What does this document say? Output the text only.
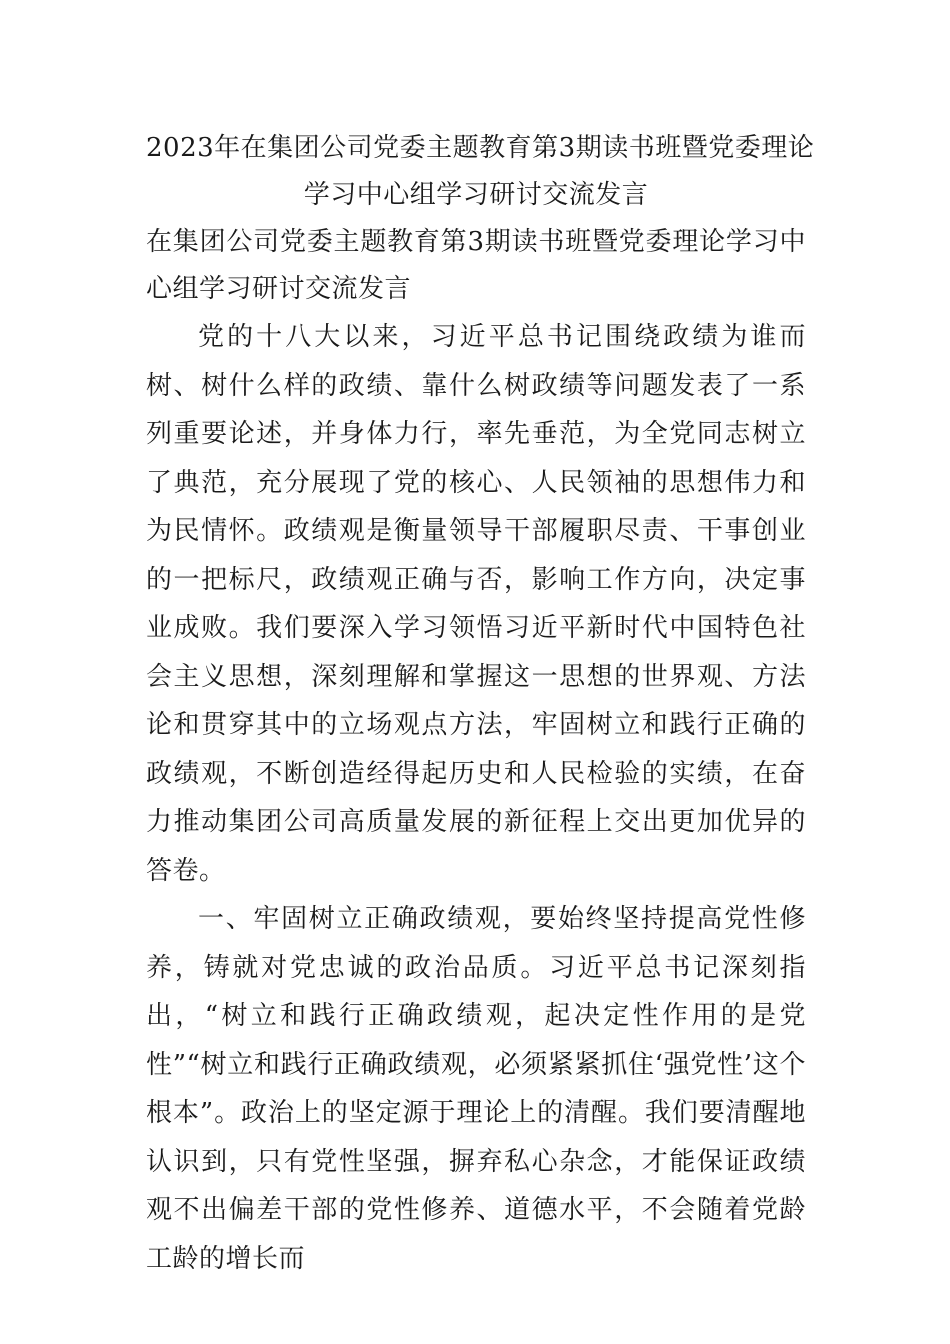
2023年在集团公司党委主题教育第3期读书班暨党委理论
学习中心组学习研讨交流发言

在集团公司党委主题教育第3期读书班暨党委理论学习中心组学习研讨交流发言

党的十八大以来，习近平总书记围绕政绩为谁而树、树什么样的政绩、靠什么树政绩等问题发表了一系列重要论述，并身体力行，率先垂范，为全党同志树立了典范，充分展现了党的核心、人民领袖的思想伟力和为民情怀。政绩观是衡量领导干部履职尽责、干事创业的一把标尺，政绩观正确与否，影响工作方向，决定事业成败。我们要深入学习领悟习近平新时代中国特色社会主义思想，深刻理解和掌握这一思想的世界观、方法论和贯穿其中的立场观点方法，牢固树立和践行正确的政绩观，不断创造经得起历史和人民检验的实绩，在奋力推动集团公司高质量发展的新征程上交出更加优异的答卷。

一、牢固树立正确政绩观，要始终坚持提高党性修养，铸就对党忠诚的政治品质。习近平总书记深刻指出，“树立和践行正确政绩观，起决定性作用的是党性”“树立和践行正确政绩观，必须紧紧抓住‘强党性’这个根本”。政治上的坚定源于理论上的清醒。我们要清醒地认识到，只有党性坚强，摒弃私心杂念，才能保证政绩观不出偏差干部的党性修养、道德水平，不会随着党龄工龄的增长而
